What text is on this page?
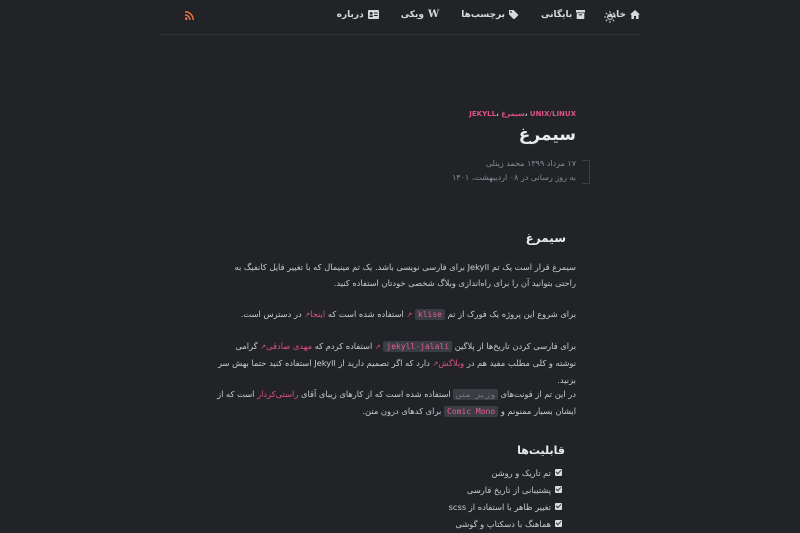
خانه
بایگانی
برچسب‌ها
W
ویکی
درباره
JEKYLL، سیمرغ، UNIX/LINUX
سیمرغ
۱۷ مرداد ۱۳۹۹ محمد زینلی
به روز رسانی در ۰۸ اردیبهشت، ۱۴۰۱
سیمرغ

سیمرغ قرار است یک تم Jekyll برای فارسی نویسی باشد. یک تم مینیمال که با تغییر فایل کانفیگ به راحتی بتوانید آن را برای راه‌اندازی وبلاگ شخصی خودتان استفاده کنید.

برای شروع این پروژه یک فورک از تم klise ↗ استفاده شده است که اینجا↗ در دسترس است.

برای فارسی کردن تاریخ‌ها از پلاگین jekyll-jalali ↗ استفاده کردم که مهدی صادقی↗ گرامی نوشته و کلی مطلب مفید هم در وبلاگش↗ دارد که اگر تصمیم دارید از Jekyll استفاده کنید حتما بهش سر بزنید.

در این تم از فونت‌های وزیر متن استفاده شده است که از کارهای زیبای آقای راستی‌کردار است که از ایشان بسیار ممنونم و Comic Mono برای کدهای درون متن.

قابلیت‌ها
تم تاریک و روشن
پشتیبانی از تاریخ فارسی
تغییر ظاهر با استفاده از scss
هماهنگ با دسکتاپ و گوشی
